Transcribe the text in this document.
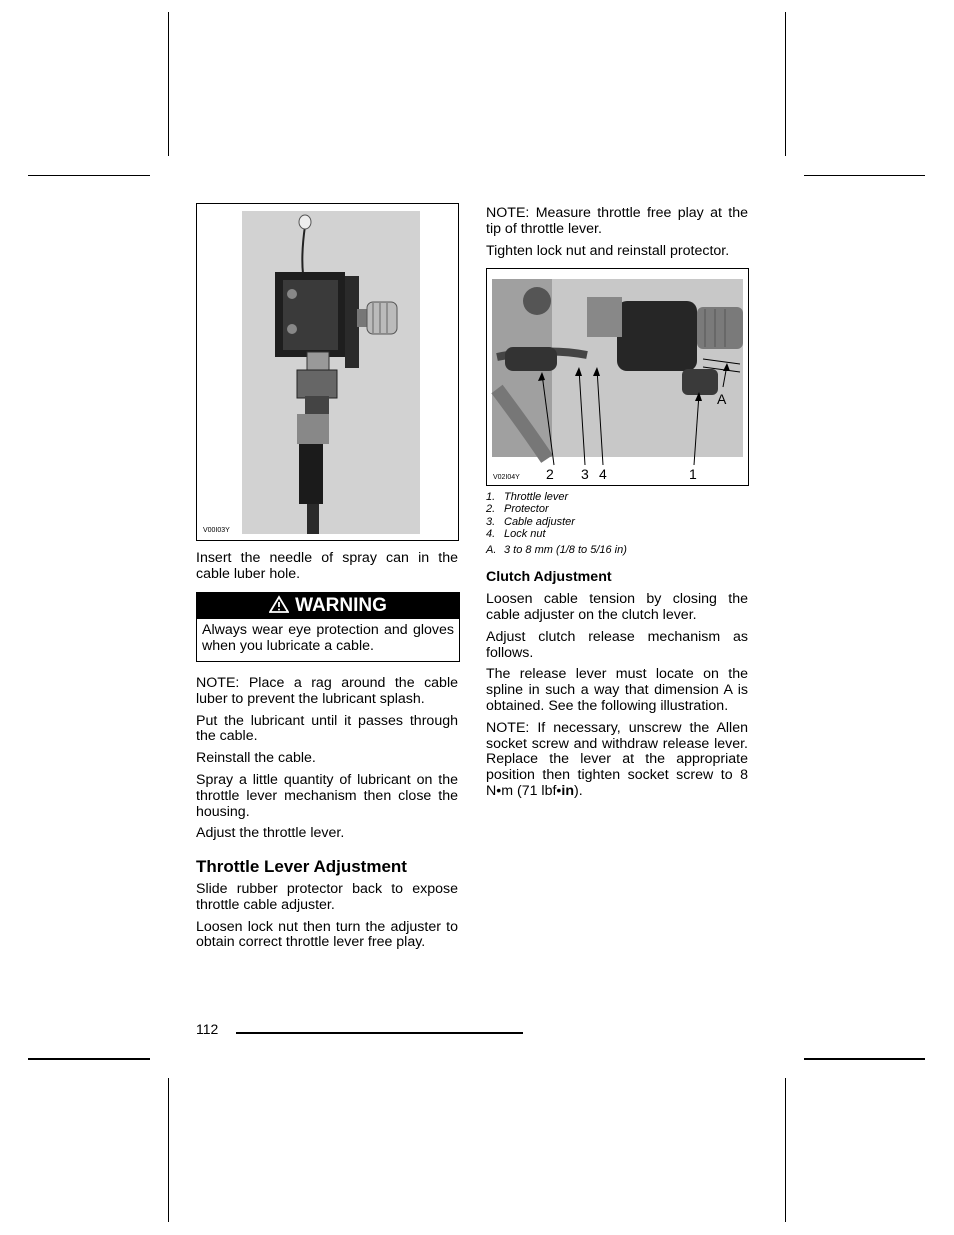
V00I03Y

Insert the needle of spray can in the cable luber hole.

WARNING
Always wear eye protection and gloves when you lubricate a cable.

NOTE: Place a rag around the cable luber to prevent the lubricant splash.

Put the lubricant until it passes through the cable.

Reinstall the cable.

Spray a little quantity of lubricant on the throttle lever mechanism then close the housing.

Adjust the throttle lever.

Throttle Lever Adjustment

Slide rubber protector back to expose throttle cable adjuster.

Loosen lock nut then turn the adjuster to obtain correct throttle lever free play.

NOTE: Measure throttle free play at the tip of throttle lever.

Tighten lock nut and reinstall protector.

V02I04Y 2 3 4	1
A
1. Throttle lever
2. Protector
3. Cable adjuster
4. Lock nut
A. 3 to 8 mm (1/8 to 5/16 in)
Clutch Adjustment

Loosen cable tension by closing the cable adjuster on the clutch lever.

Adjust clutch release mechanism as follows.

The release lever must locate on the spline in such a way that dimension A is obtained. See the following illustration.

NOTE: If necessary, unscrew the Allen socket screw and withdraw release lever. Replace the lever at the appropriate position then tighten socket screw to 8 N•m (71 lbf•in).

112
